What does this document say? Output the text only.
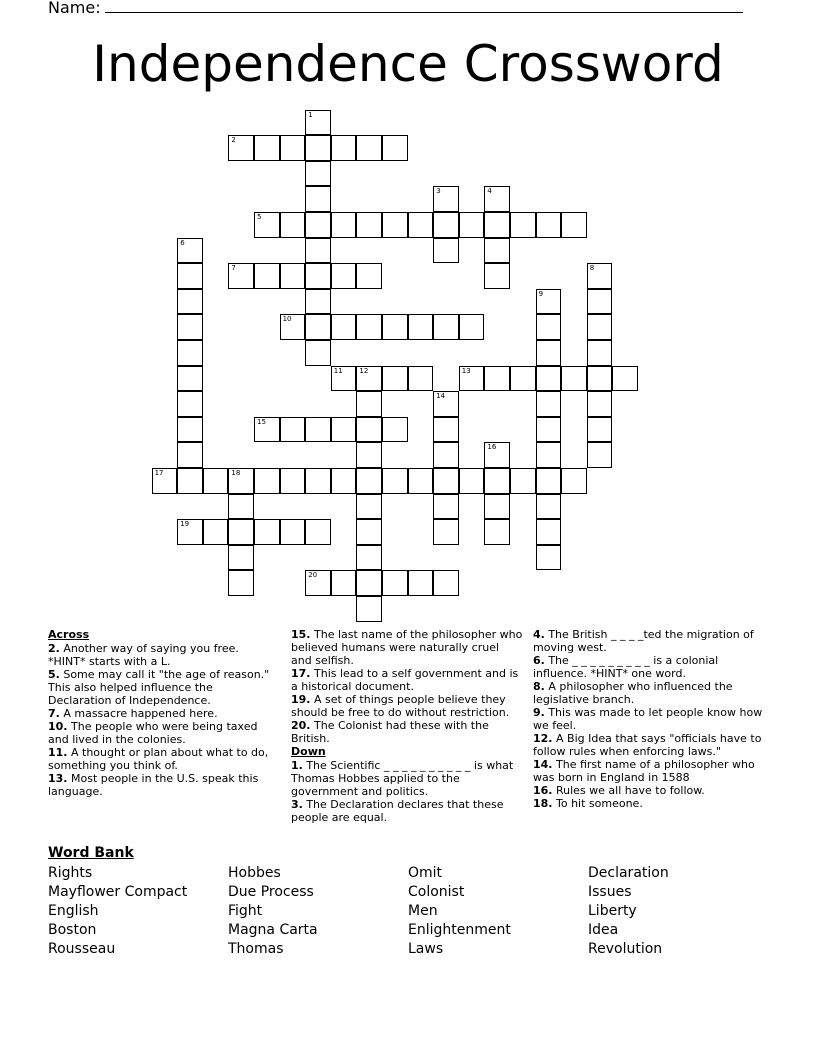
Name:
Independence Crossword
1
2
3	4
5
6
7	8
9
10
11 12	13
14
15
16
17	18
19
20
Across
2. Another way of saying you free. *HINT* starts with a L.
5. Some may call it "the age of reason." This also helped influence the Declaration of Independence.
7. A massacre happened here.
10. The people who were being taxed and lived in the colonies.
11. A thought or plan about what to do, something you think of.
13. Most people in the U.S. speak this language.
15. The last name of the philosopher who believed humans were naturally cruel and selfish.
17. This lead to a self government and is a historical document.
19. A set of things people believe they should be free to do without restriction.
20. The Colonist had these with the British.
Down
1. The Scientific _ _ _ _ _ _ _ _ _ _ is what Thomas Hobbes applied to the government and politics.
3. The Declaration declares that these people are equal.
4. The British _ _ _ _ted the migration of moving west.
6. The _ _ _ _ _ _ _ _ _ is a colonial influence. *HINT* one word.
8. A philosopher who influenced the legislative branch.
9. This was made to let people know how we feel.
12. A Big Idea that says "officials have to follow rules when enforcing laws."
14. The first name of a philosopher who was born in England in 1588
16. Rules we all have to follow.
18. To hit someone.
Word Bank
Rights
Mayflower Compact
English
Boston
Rousseau
Hobbes
Due Process
Fight
Magna Carta
Thomas
Omit
Colonist
Men
Enlightenment
Laws
Declaration
Issues
Liberty
Idea
Revolution
